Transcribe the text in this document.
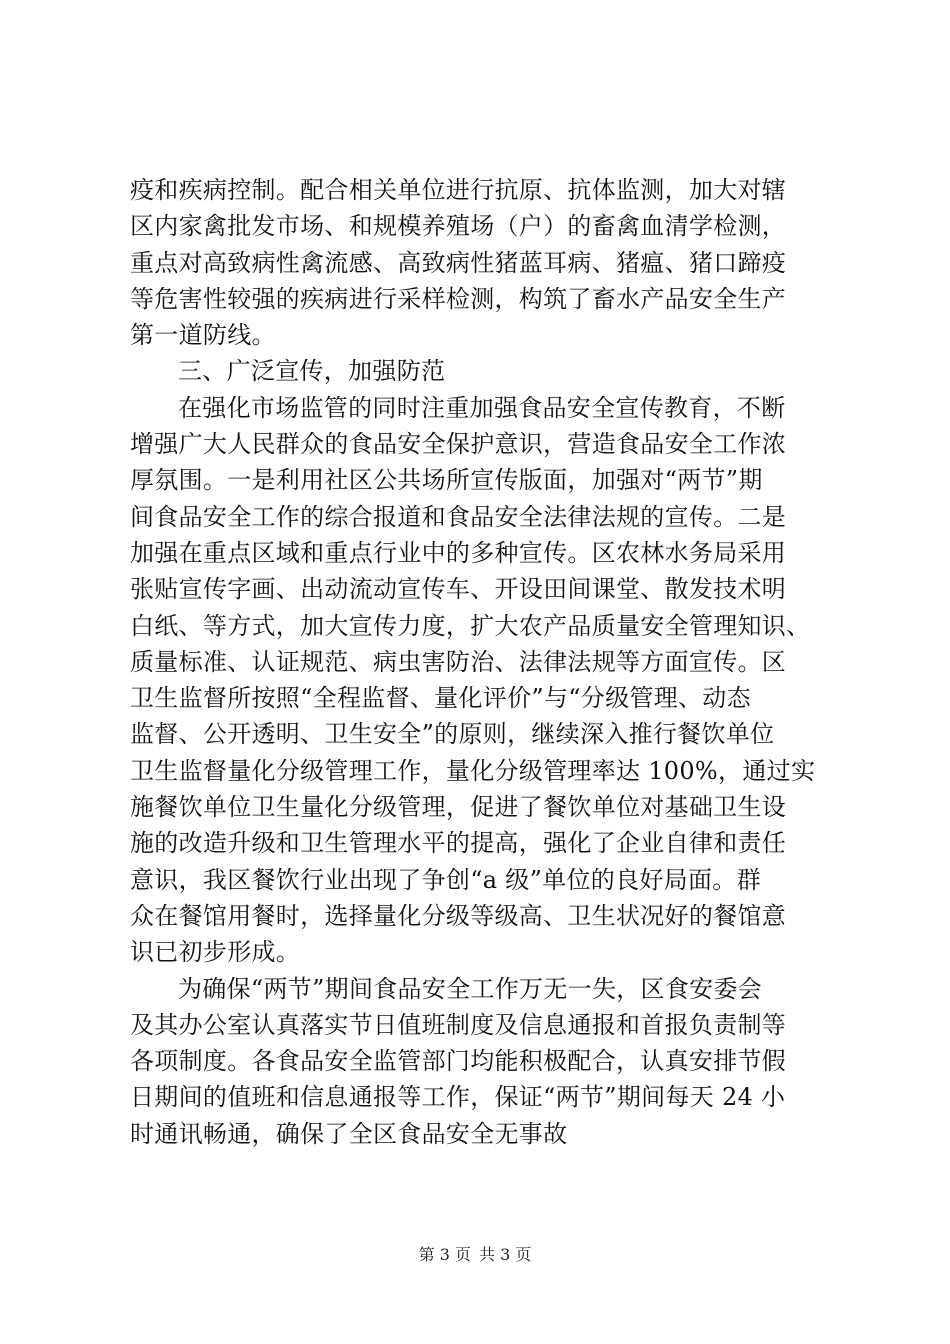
疫和疾病控制。配合相关单位进行抗原、抗体监测，加大对辖
区内家禽批发市场、和规模养殖场（户）的畜禽血清学检测，
重点对高致病性禽流感、高致病性猪蓝耳病、猪瘟、猪口蹄疫
等危害性较强的疾病进行采样检测，构筑了畜水产品安全生产
第一道防线。
三、广泛宣传，加强防范
在强化市场监管的同时注重加强食品安全宣传教育，不断
增强广大人民群众的食品安全保护意识，营造食品安全工作浓
厚氛围。一是利用社区公共场所宣传版面，加强对“两节”期
间食品安全工作的综合报道和食品安全法律法规的宣传。二是
加强在重点区域和重点行业中的多种宣传。区农林水务局采用
张贴宣传字画、出动流动宣传车、开设田间课堂、散发技术明
白纸、等方式，加大宣传力度，扩大农产品质量安全管理知识、
质量标准、认证规范、病虫害防治、法律法规等方面宣传。区
卫生监督所按照“全程监督、量化评价”与“分级管理、动态
监督、公开透明、卫生安全”的原则，继续深入推行餐饮单位
卫生监督量化分级管理工作，量化分级管理率达 100%，通过实
施餐饮单位卫生量化分级管理，促进了餐饮单位对基础卫生设
施的改造升级和卫生管理水平的提高，强化了企业自律和责任
意识，我区餐饮行业出现了争创“a 级”单位的良好局面。群
众在餐馆用餐时，选择量化分级等级高、卫生状况好的餐馆意
识已初步形成。
为确保“两节”期间食品安全工作万无一失，区食安委会
及其办公室认真落实节日值班制度及信息通报和首报负责制等
各项制度。各食品安全监管部门均能积极配合，认真安排节假
日期间的值班和信息通报等工作，保证“两节”期间每天 24 小
时通讯畅通，确保了全区食品安全无事故
第 3 页 共 3 页
